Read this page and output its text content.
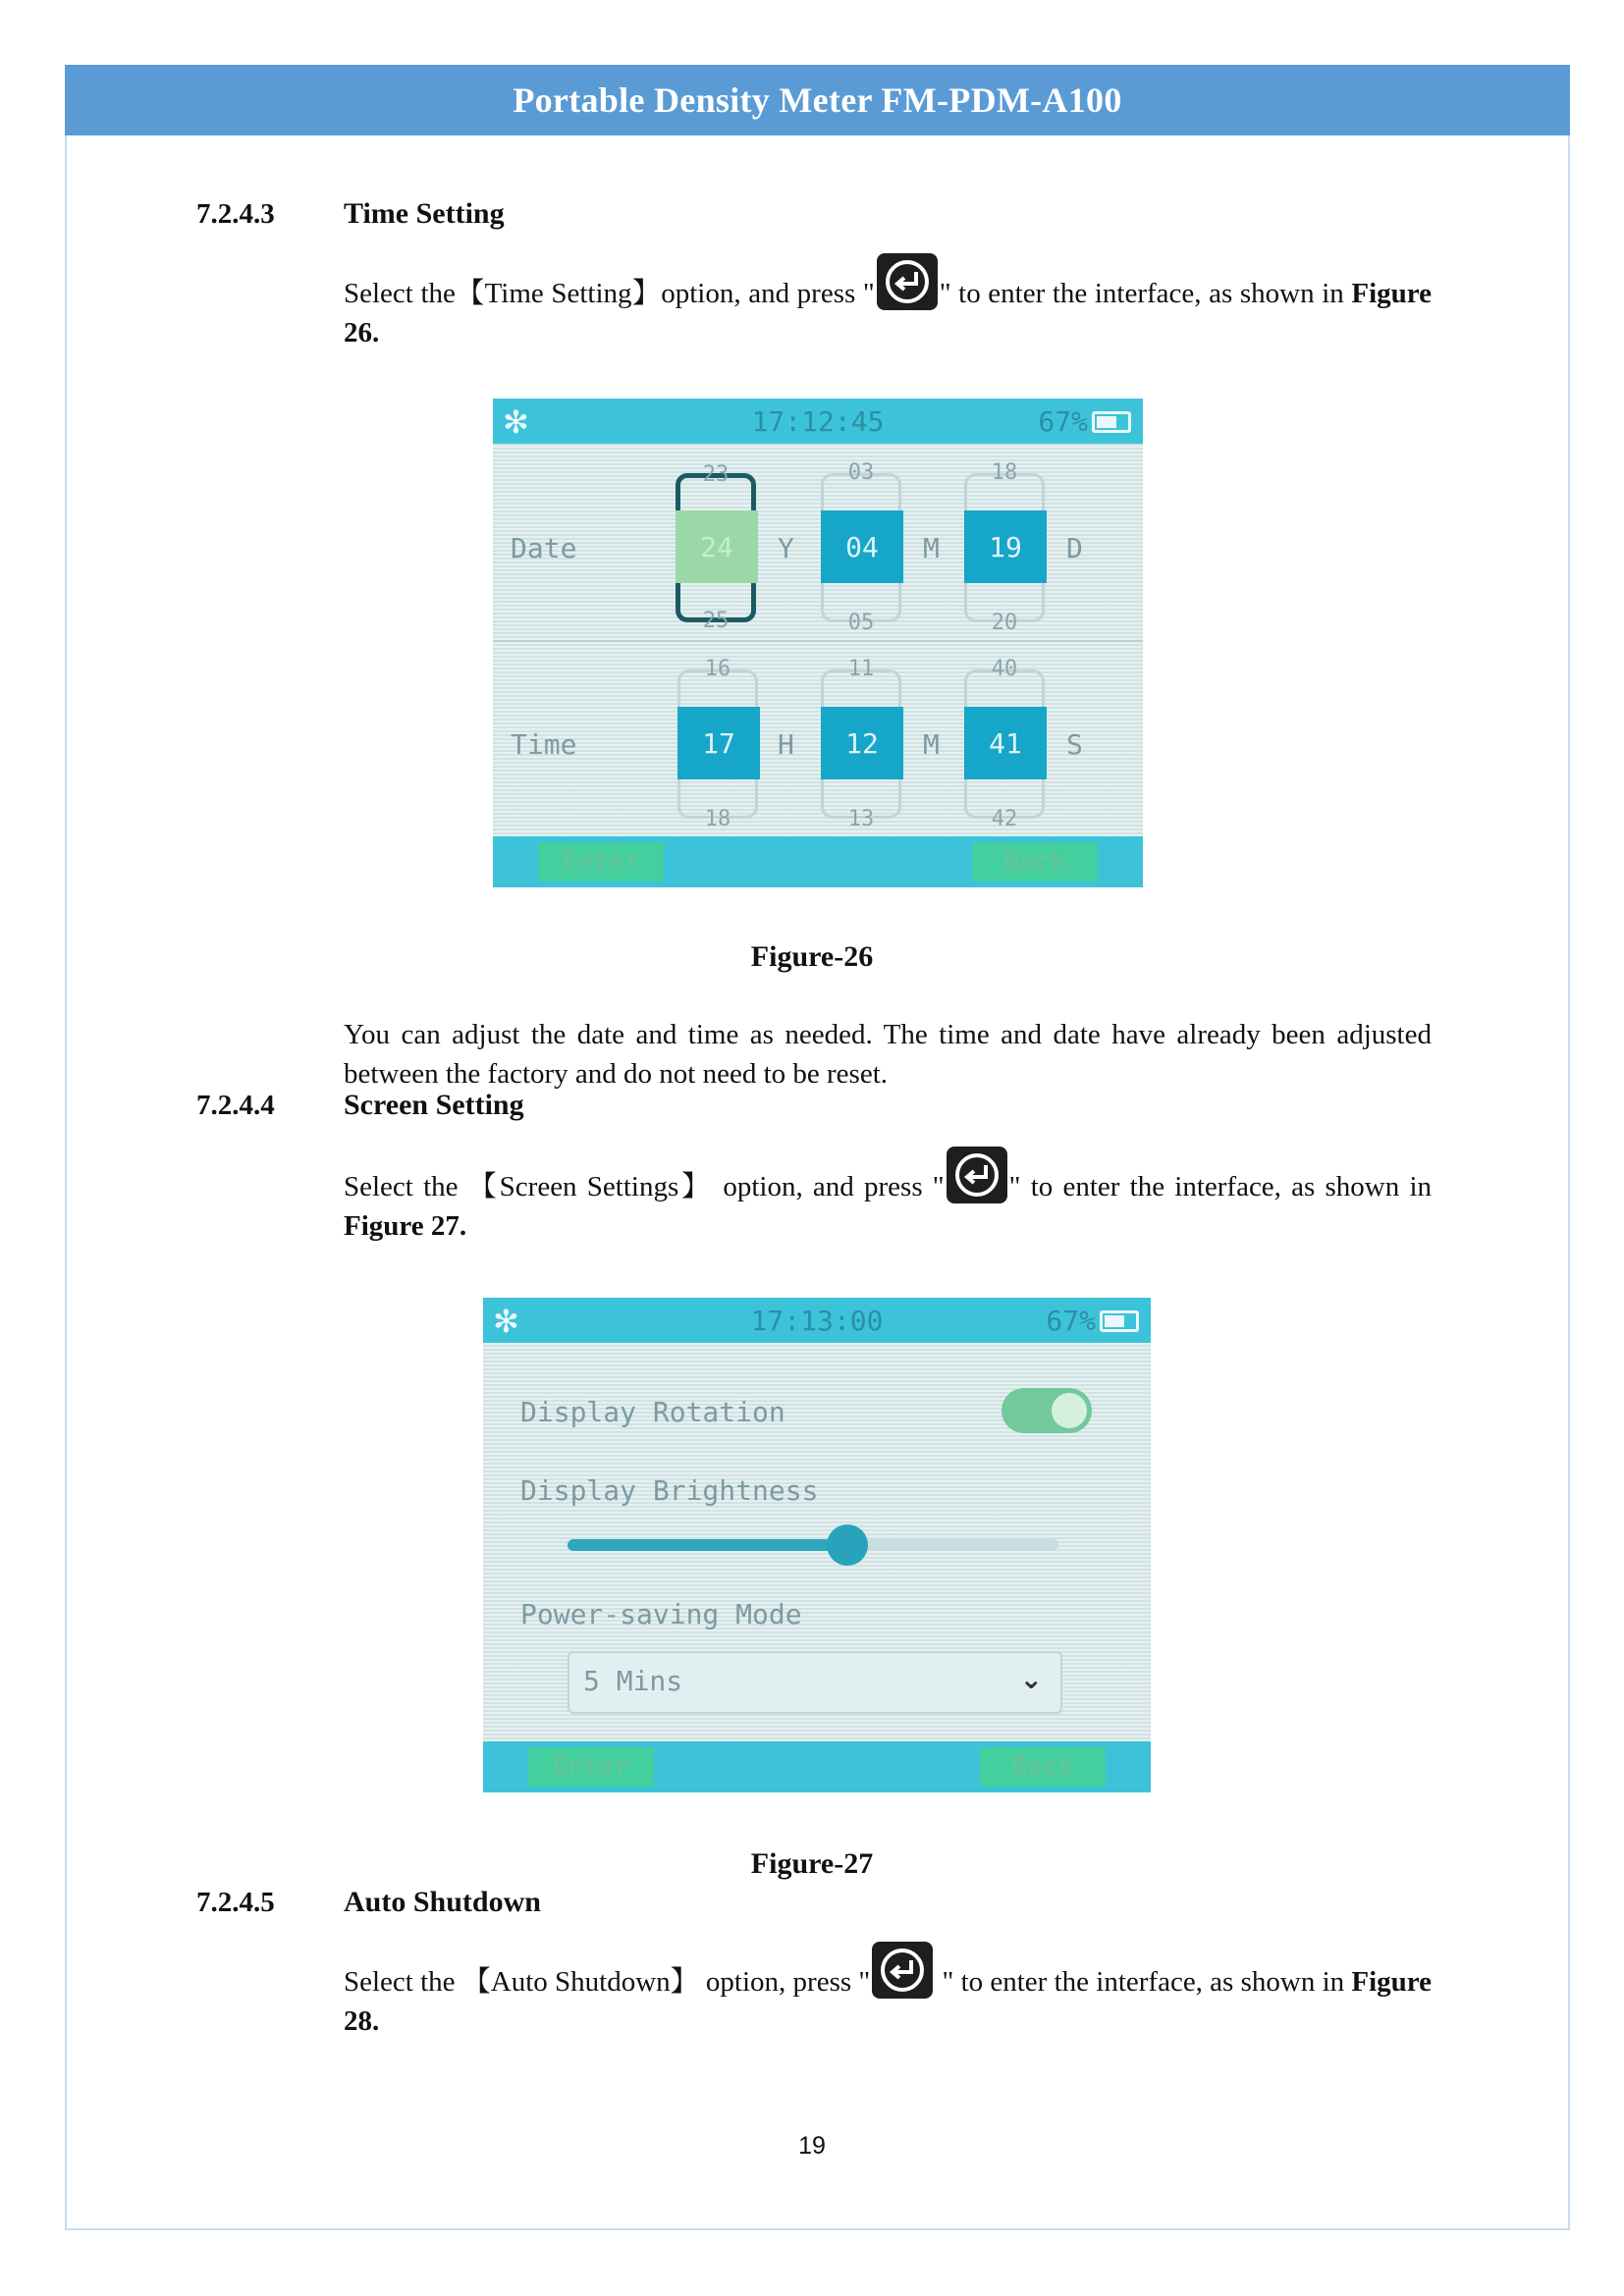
Portable Density Meter FM-PDM-A100
7.2.4.3 Time Setting
Select the【Time Setting】option, and press " " to enter the interface, as shown in Figure 26.
✻	17:12:45	67%
Date
23
25
24	Y
03
05
04	M
18
20
19	D
Time
16
18
17	H
11
13
12	M
40
42
41	S
Enter	Back
Figure-26
You can adjust the date and time as needed. The time and date have already been adjusted between the factory and do not need to be reset.
7.2.4.4 Screen Setting
Select the 【Screen Settings】 option, and press " " to enter the interface, as shown in Figure 27.
✻	17:13:00	67%
Display Rotation
Display Brightness
Power-saving Mode
5 Mins	⌄
Enter	Back
Figure-27
7.2.4.5 Auto Shutdown
Select the 【Auto Shutdown】 option, press "
" to enter the interface, as shown in Figure 28.
19
